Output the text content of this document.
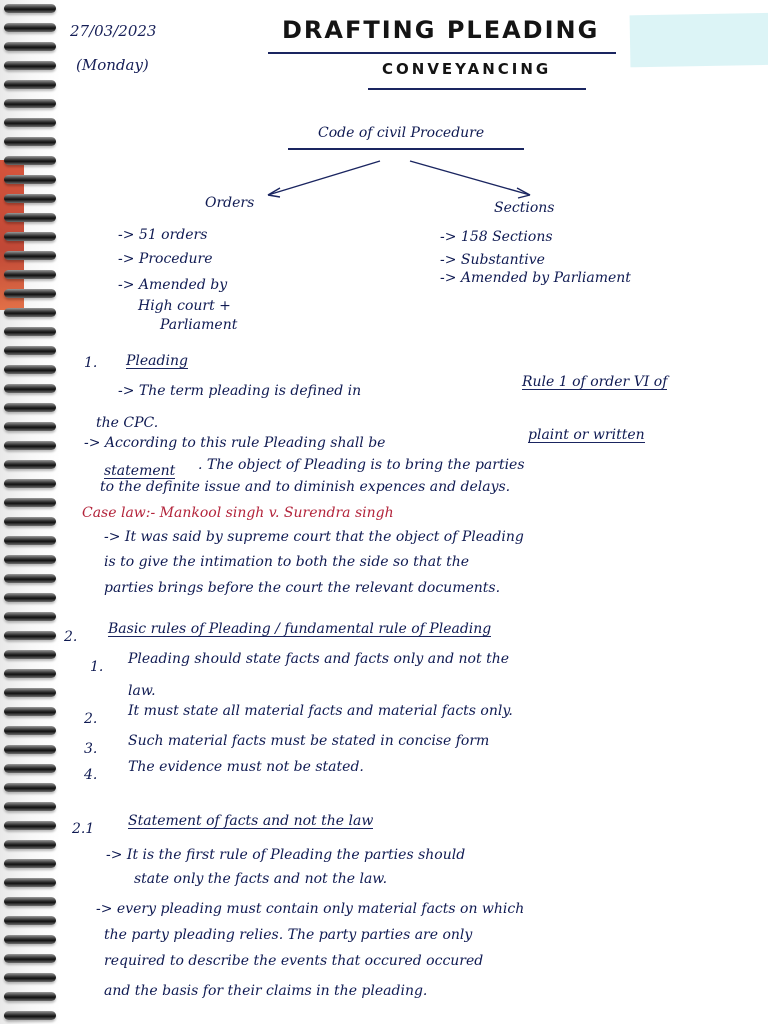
27/03/2023
(Monday)
DRAFTING PLEADING
CONVEYANCING
Code of civil Procedure
Orders	Sections
-> 51 orders
-> Procedure
-> Amended by
High court +
Parliament
-> 158 Sections
-> Substantive
-> Amended by Parliament
1. Pleading
-> The term pleading is defined in
Rule 1 of order VI of
the CPC.
-> According to this rule Pleading shall be	plaint or written
statement . The object of Pleading is to bring the parties
to the definite issue and to diminish expences and delays.
Case law:- Mankool singh v. Surendra singh
-> It was said by supreme court that the object of Pleading
is to give the intimation to both the side so that the
parties brings before the court the relevant documents.
2. Basic rules of Pleading / fundamental rule of Pleading
1. Pleading should state facts and facts only and not the
law.
2. It must state all material facts and material facts only.
3. Such material facts must be stated in concise form
4. The evidence must not be stated.
2.1 Statement of facts and not the law
-> It is the first rule of Pleading the parties should
state only the facts and not the law.
-> every pleading must contain only material facts on which
the party pleading relies. The party parties are only
required to describe the events that occured occured
and the basis for their claims in the pleading.
